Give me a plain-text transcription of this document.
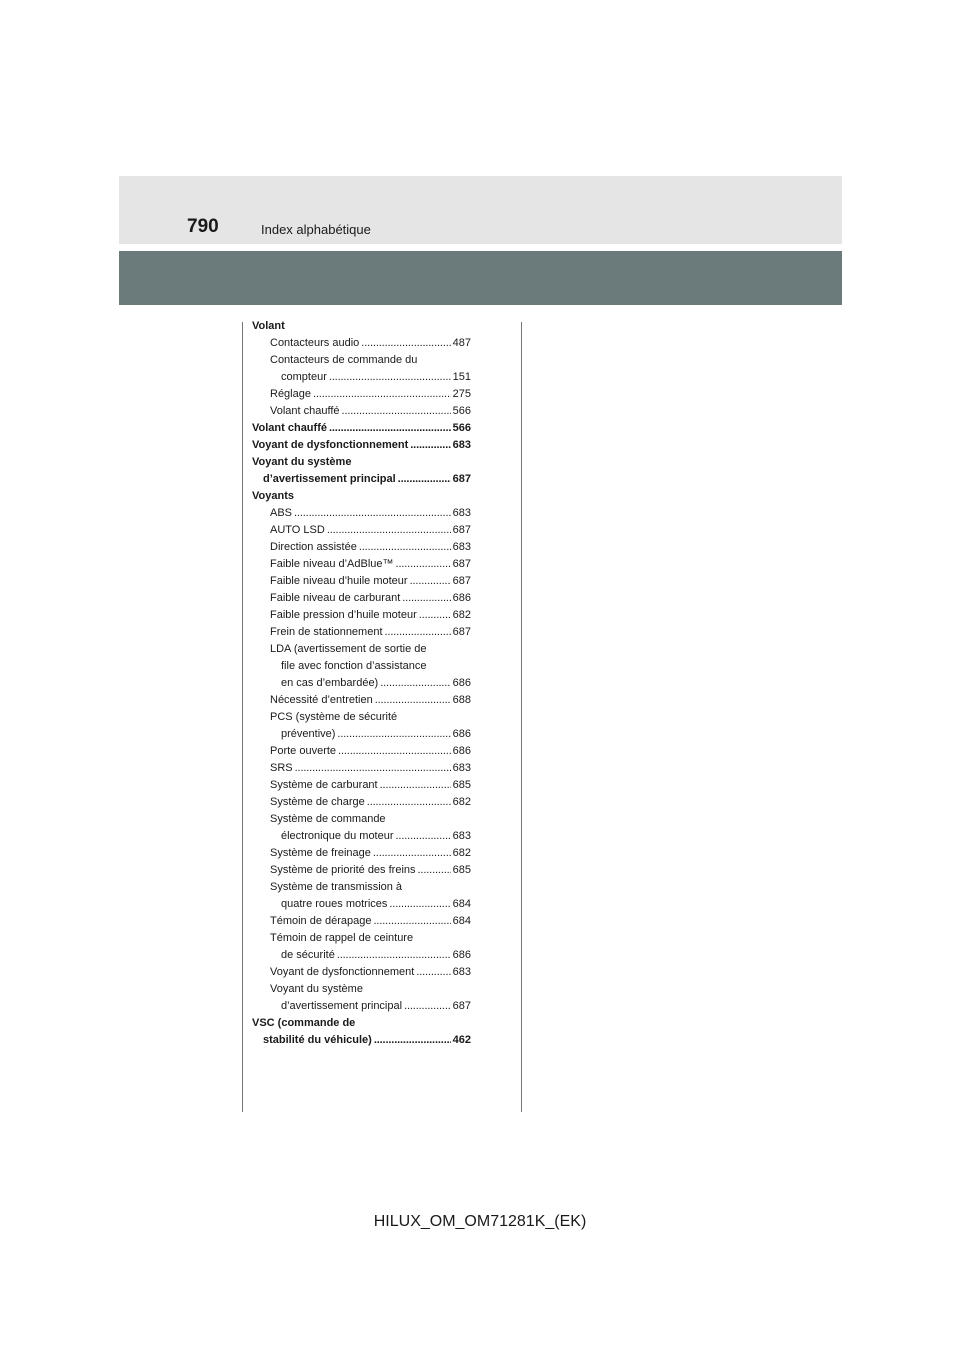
790	Index alphabétique
Volant
Contacteurs audio . . .	487
Contacteurs de commande du
compteur . . .	151
Réglage . . .	275
Volant chauffé . . .	566
Volant chauffé . . .	566
Voyant de dysfonctionnement . . .	683
Voyant du système
d’avertissement principal . . .	687
Voyants
ABS . . .	683
AUTO LSD . . .	687
Direction assistée . . .	683
Faible niveau d’AdBlue™ . . .	687
Faible niveau d’huile moteur . . .	687
Faible niveau de carburant . . .	686
Faible pression d’huile moteur . . .	682
Frein de stationnement . . .	687
LDA (avertissement de sortie de
file avec fonction d’assistance
en cas d’embardée) . . .	686
Nécessité d’entretien . . .	688
PCS (système de sécurité
préventive) . . .	686
Porte ouverte . . .	686
SRS . . .	683
Système de carburant . . .	685
Système de charge . . .	682
Système de commande
électronique du moteur . . .	683
Système de freinage . . .	682
Système de priorité des freins . . .	685
Système de transmission à
quatre roues motrices . . .	684
Témoin de dérapage . . .	684
Témoin de rappel de ceinture
de sécurité . . .	686
Voyant de dysfonctionnement . . .	683
Voyant du système
d’avertissement principal . . .	687
VSC (commande de
stabilité du véhicule) . . .	462
HILUX_OM_OM71281K_(EK)
